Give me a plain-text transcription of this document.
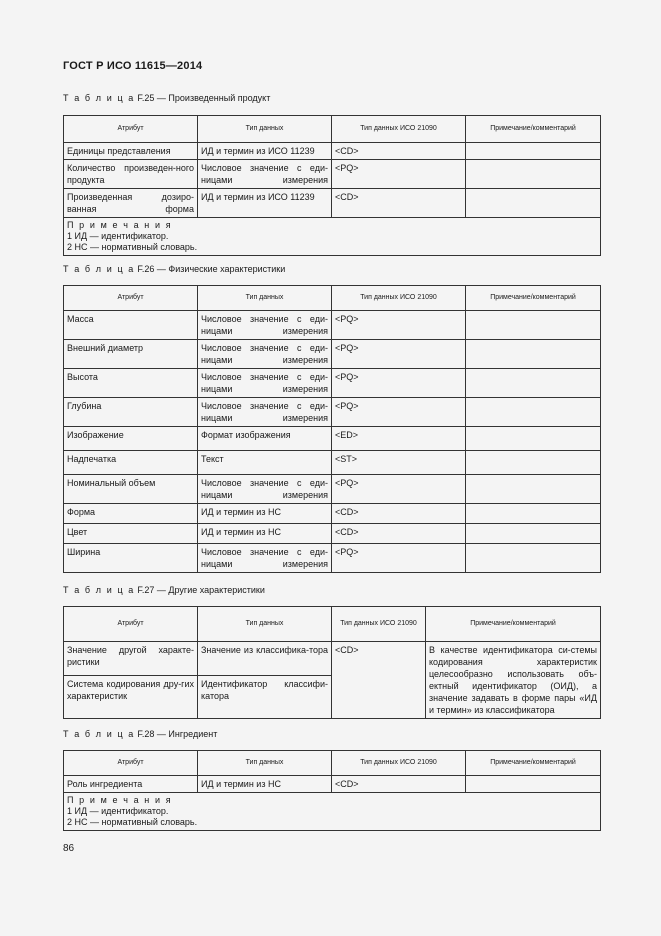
ГОСТ Р ИСО 11615—2014
Т а б л и ц а F.25 — Произведенный продукт
Атрибут	Тип данных	Тип данных ИСО 21090	Примечание/комментарий
Единицы представления	ИД и термин из ИСО 11239	<CD>	
Количество произведен-ного продукта	Числовое значение с еди-ницами измерения	<PQ>	
Произведенная дозиро-ванная форма	ИД и термин из ИСО 11239	<CD>	

П р и м е ч а н и я
1 ИД — идентификатор.
2 НС — нормативный словарь.			
Т а б л и ц а F.26 — Физические характеристики
Атрибут	Тип данных	Тип данных ИСО 21090	Примечание/комментарий
Масса	Числовое значение с еди-ницами измерения	<PQ>	
Внешний диаметр	Числовое значение с еди-ницами измерения	<PQ>	
Высота	Числовое значение с еди-ницами измерения	<PQ>	
Глубина	Числовое значение с еди-ницами измерения	<PQ>	
Изображение	Формат изображения	<ED>	
Надпечатка	Текст	<ST>	
Номинальный объем	Числовое значение с еди-ницами измерения	<PQ>	
Форма	ИД и термин из НС	<CD>	
Цвет	ИД и термин из НС	<CD>	
Ширина	Числовое значение с еди-ницами измерения	<PQ>	
Т а б л и ц а F.27 — Другие характеристики
Атрибут	Тип данных	Тип данных ИСО 21090	Примечание/комментарий
Значение другой характе-ристики	Значение из классифика-тора	<CD>	В качестве идентификатора си-стемы кодирования характеристик целесообразно использовать объ-ектный идентификатор (ОИД), а значение задавать в форме пары «ИД и термин» из классификатора
Система кодирования дру-гих характеристик	Идентификатор классифи-катора		
Т а б л и ц а F.28 — Ингредиент
Атрибут	Тип данных	Тип данных ИСО 21090	Примечание/комментарий
Роль ингредиента	ИД и термин из НС	<CD>	

П р и м е ч а н и я
1 ИД — идентификатор.
2 НС — нормативный словарь.			
86
